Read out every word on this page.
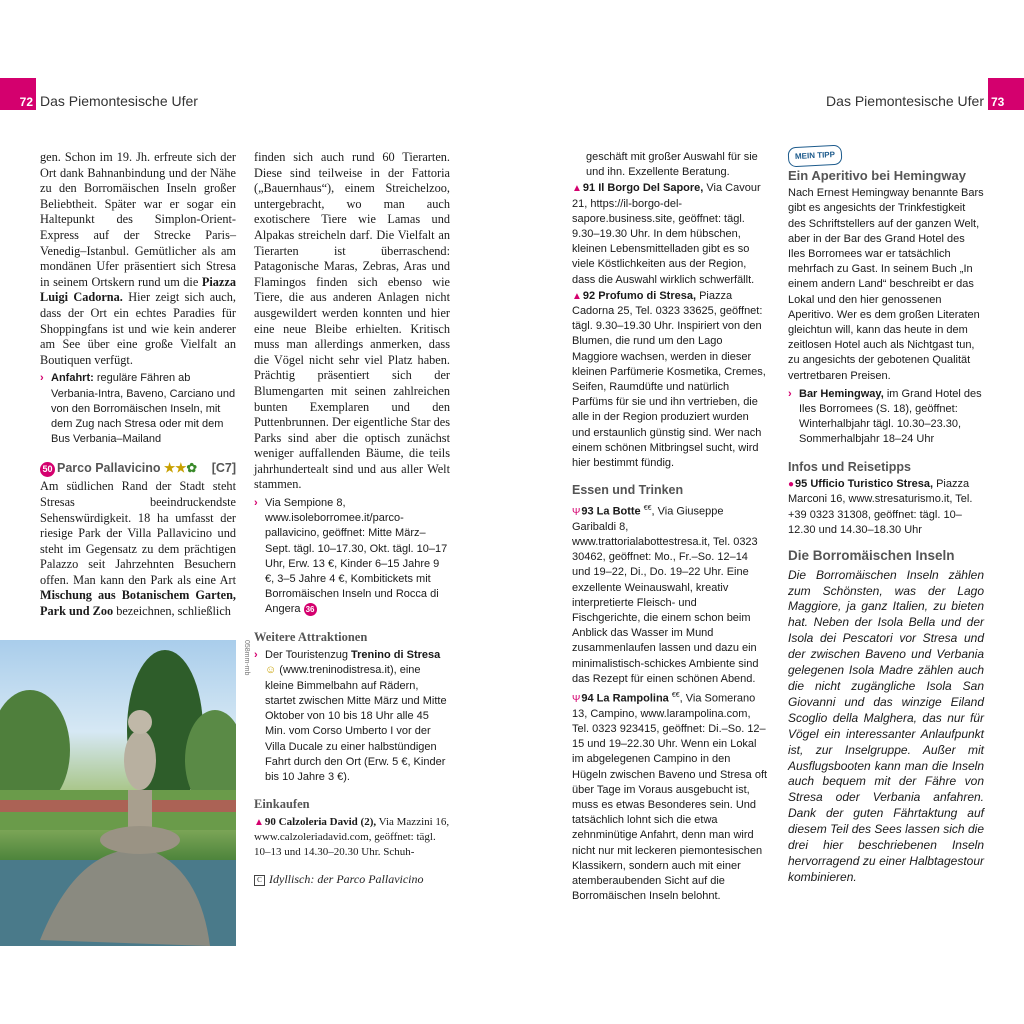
72 Das Piemontesische Ufer	Das Piemontesische Ufer 73

gen. Schon im 19. Jh. erfreute sich der Ort dank Bahnanbindung und der Nähe zu den Borromäischen Inseln großer Beliebtheit. Später war er sogar ein Haltepunkt des Simplon-Orient-Express auf der Strecke Paris–Venedig–Istanbul. Gemütlicher als am mondänen Ufer präsentiert sich Stresa in seinem Ortskern rund um die Piazza Luigi Cadorna. Hier zeigt sich auch, dass der Ort ein echtes Paradies für Shoppingfans ist und wie kein anderer am See über eine große Vielfalt an Boutiquen verfügt.

› Anfahrt: reguläre Fähren ab Verbania-Intra, Baveno, Carciano und von den Borromäischen Inseln, mit dem Zug nach Stresa oder mit dem Bus Verbania–Mailand
50 Parco Pallavicino ★★✿ [C7]

Am südlichen Rand der Stadt steht Stresas beeindruckendste Sehenswürdigkeit. 18 ha umfasst der riesige Park der Villa Pallavicino und steht im Gegensatz zu dem prächtigen Palazzo seit Jahrzehnten Besuchern offen. Man kann den Park als eine Art Mischung aus Botanischem Garten, Park und Zoo bezeichnen, schließlich

058mm-mb

finden sich auch rund 60 Tierarten. Diese sind teilweise in der Fattoria („Bauernhaus“), einem Streichelzoo, untergebracht, wo man auch exotischere Tiere wie Lamas und Alpakas streicheln darf. Die Vielfalt an Tierarten ist überraschend: Patagonische Maras, Zebras, Aras und Flamingos finden sich ebenso wie Tiere, die aus anderen Anlagen nicht ausgewildert werden konnten und hier eine neue Bleibe erhielten. Kritisch muss man allerdings anmerken, dass die Vögel nicht sehr viel Platz haben. Prächtig präsentiert sich der Blumengarten mit seinen zahlreichen bunten Exemplaren und den Puttenbrunnen. Der eigentliche Star des Parks sind aber die optisch zunächst weniger auffallenden Bäume, die teils jahrhundertealt sind und aus aller Welt stammen.

› Via Sempione 8, www.isoleborromee.it/parco-pallavicino, geöffnet: Mitte März–Sept. tägl. 10–17.30, Okt. tägl. 10–17 Uhr, Erw. 13 €, Kinder 6–15 Jahre 9 €, 3–5 Jahre 4 €, Kombitickets mit Borromäischen Inseln und Rocca di Angera 36
Weitere Attraktionen
› Der Touristenzug Trenino di Stresa ☺ (www.treninodistresa.it), eine kleine Bimmelbahn auf Rädern, startet zwischen Mitte März und Mitte Oktober von 10 bis 18 Uhr alle 45 Min. vom Corso Umberto I vor der Villa Ducale zu einer halbstündigen Fahrt durch den Ort (Erw. 5 €, Kinder bis 10 Jahre 3 €).
Einkaufen
▲90 Calzoleria David (2), Via Mazzini 16, www.calzoleriadavid.com, geöffnet: tägl. 10–13 und 14.30–20.30 Uhr. Schuh-
C Idyllisch: der Parco Pallavicino
geschäft mit großer Auswahl für sie und ihn. Exzellente Beratung.
▲91 Il Borgo Del Sapore, Via Cavour 21, https://il-borgo-del-sapore.business.site, geöffnet: tägl. 9.30–19.30 Uhr. In dem hübschen, kleinen Lebensmittelladen gibt es so viele Köstlichkeiten aus der Region, dass die Auswahl wirklich schwerfällt.
▲92 Profumo di Stresa, Piazza Cadorna 25, Tel. 0323 33625, geöffnet: tägl. 9.30–19.30 Uhr. Inspiriert von den Blumen, die rund um den Lago Maggiore wachsen, werden in dieser kleinen Parfümerie Kosmetika, Cremes, Seifen, Raumdüfte und natürlich Parfüms für sie und ihn vertrieben, die alle in der Region produziert wurden und erstaunlich günstig sind. Wer nach einem schönen Mitbringsel sucht, wird hier bestimmt fündig.
Essen und Trinken
Ψ93 La Botte €€, Via Giuseppe Garibaldi 8, www.trattorialabottestresa.it, Tel. 0323 30462, geöffnet: Mo., Fr.–So. 12–14 und 19–22, Di., Do. 19–22 Uhr. Eine exzellente Weinauswahl, kreativ interpretierte Fleisch- und Fischgerichte, die einem schon beim Anblick das Wasser im Mund zusammenlaufen lassen und dazu ein minimalistisch-schickes Ambiente sind das Rezept für einen schönen Abend.
Ψ94 La Rampolina €€, Via Somerano 13, Campino, www.larampolina.com, Tel. 0323 923415, geöffnet: Di.–So. 12–15 und 19–22.30 Uhr. Wenn ein Lokal im abgelegenen Campino in den Hügeln zwischen Baveno und Stresa oft über Tage im Voraus ausgebucht ist, muss es etwas Besonderes sein. Und tatsächlich lohnt sich die etwa zehnminütige Anfahrt, denn man wird nicht nur mit leckeren piemontesischen Klassikern, sondern auch mit einer atemberaubenden Sicht auf die Borromäischen Inseln belohnt.
MEIN TIPP
Ein Aperitivo bei Hemingway
Nach Ernest Hemingway benannte Bars gibt es angesichts der Trinkfestigkeit des Schriftstellers auf der ganzen Welt, aber in der Bar des Grand Hotel des Iles Borromees war er tatsächlich mehrfach zu Gast. In seinem Buch „In einem andern Land“ beschreibt er das Lokal und den hier genossenen Aperitivo. Wer es dem großen Literaten gleichtun will, kann das heute in dem zeitlosen Hotel auch als Nichtgast tun, zu angesichts der gebotenen Qualität vertretbaren Preisen.
› Bar Hemingway, im Grand Hotel des Iles Borromees (S. 18), geöffnet: Winterhalbjahr tägl. 10.30–23.30, Sommerhalbjahr 18–24 Uhr
Infos und Reisetipps
●95 Ufficio Turistico Stresa, Piazza Marconi 16, www.stresaturismo.it, Tel. +39 0323 31308, geöffnet: tägl. 10–12.30 und 14.30–18.30 Uhr
Die Borromäischen Inseln

Die Borromäischen Inseln zählen zum Schönsten, was der Lago Maggiore, ja ganz Italien, zu bieten hat. Neben der Isola Bella und der Isola dei Pescatori vor Stresa und der zwischen Baveno und Verbania gelegenen Isola Madre zählen auch die nicht zugängliche Isola San Giovanni und das winzige Eiland Scoglio della Malghera, das nur für Vögel ein interessanter Anlaufpunkt ist, zur Inselgruppe. Außer mit Ausflugsbooten kann man die Inseln auch bequem mit der Fähre von Stresa oder Verbania anfahren. Dank der guten Fährtaktung auf diesem Teil des Sees lassen sich die drei hier beschriebenen Inseln hervorragend zu einer Halbtagestour kombinieren.
